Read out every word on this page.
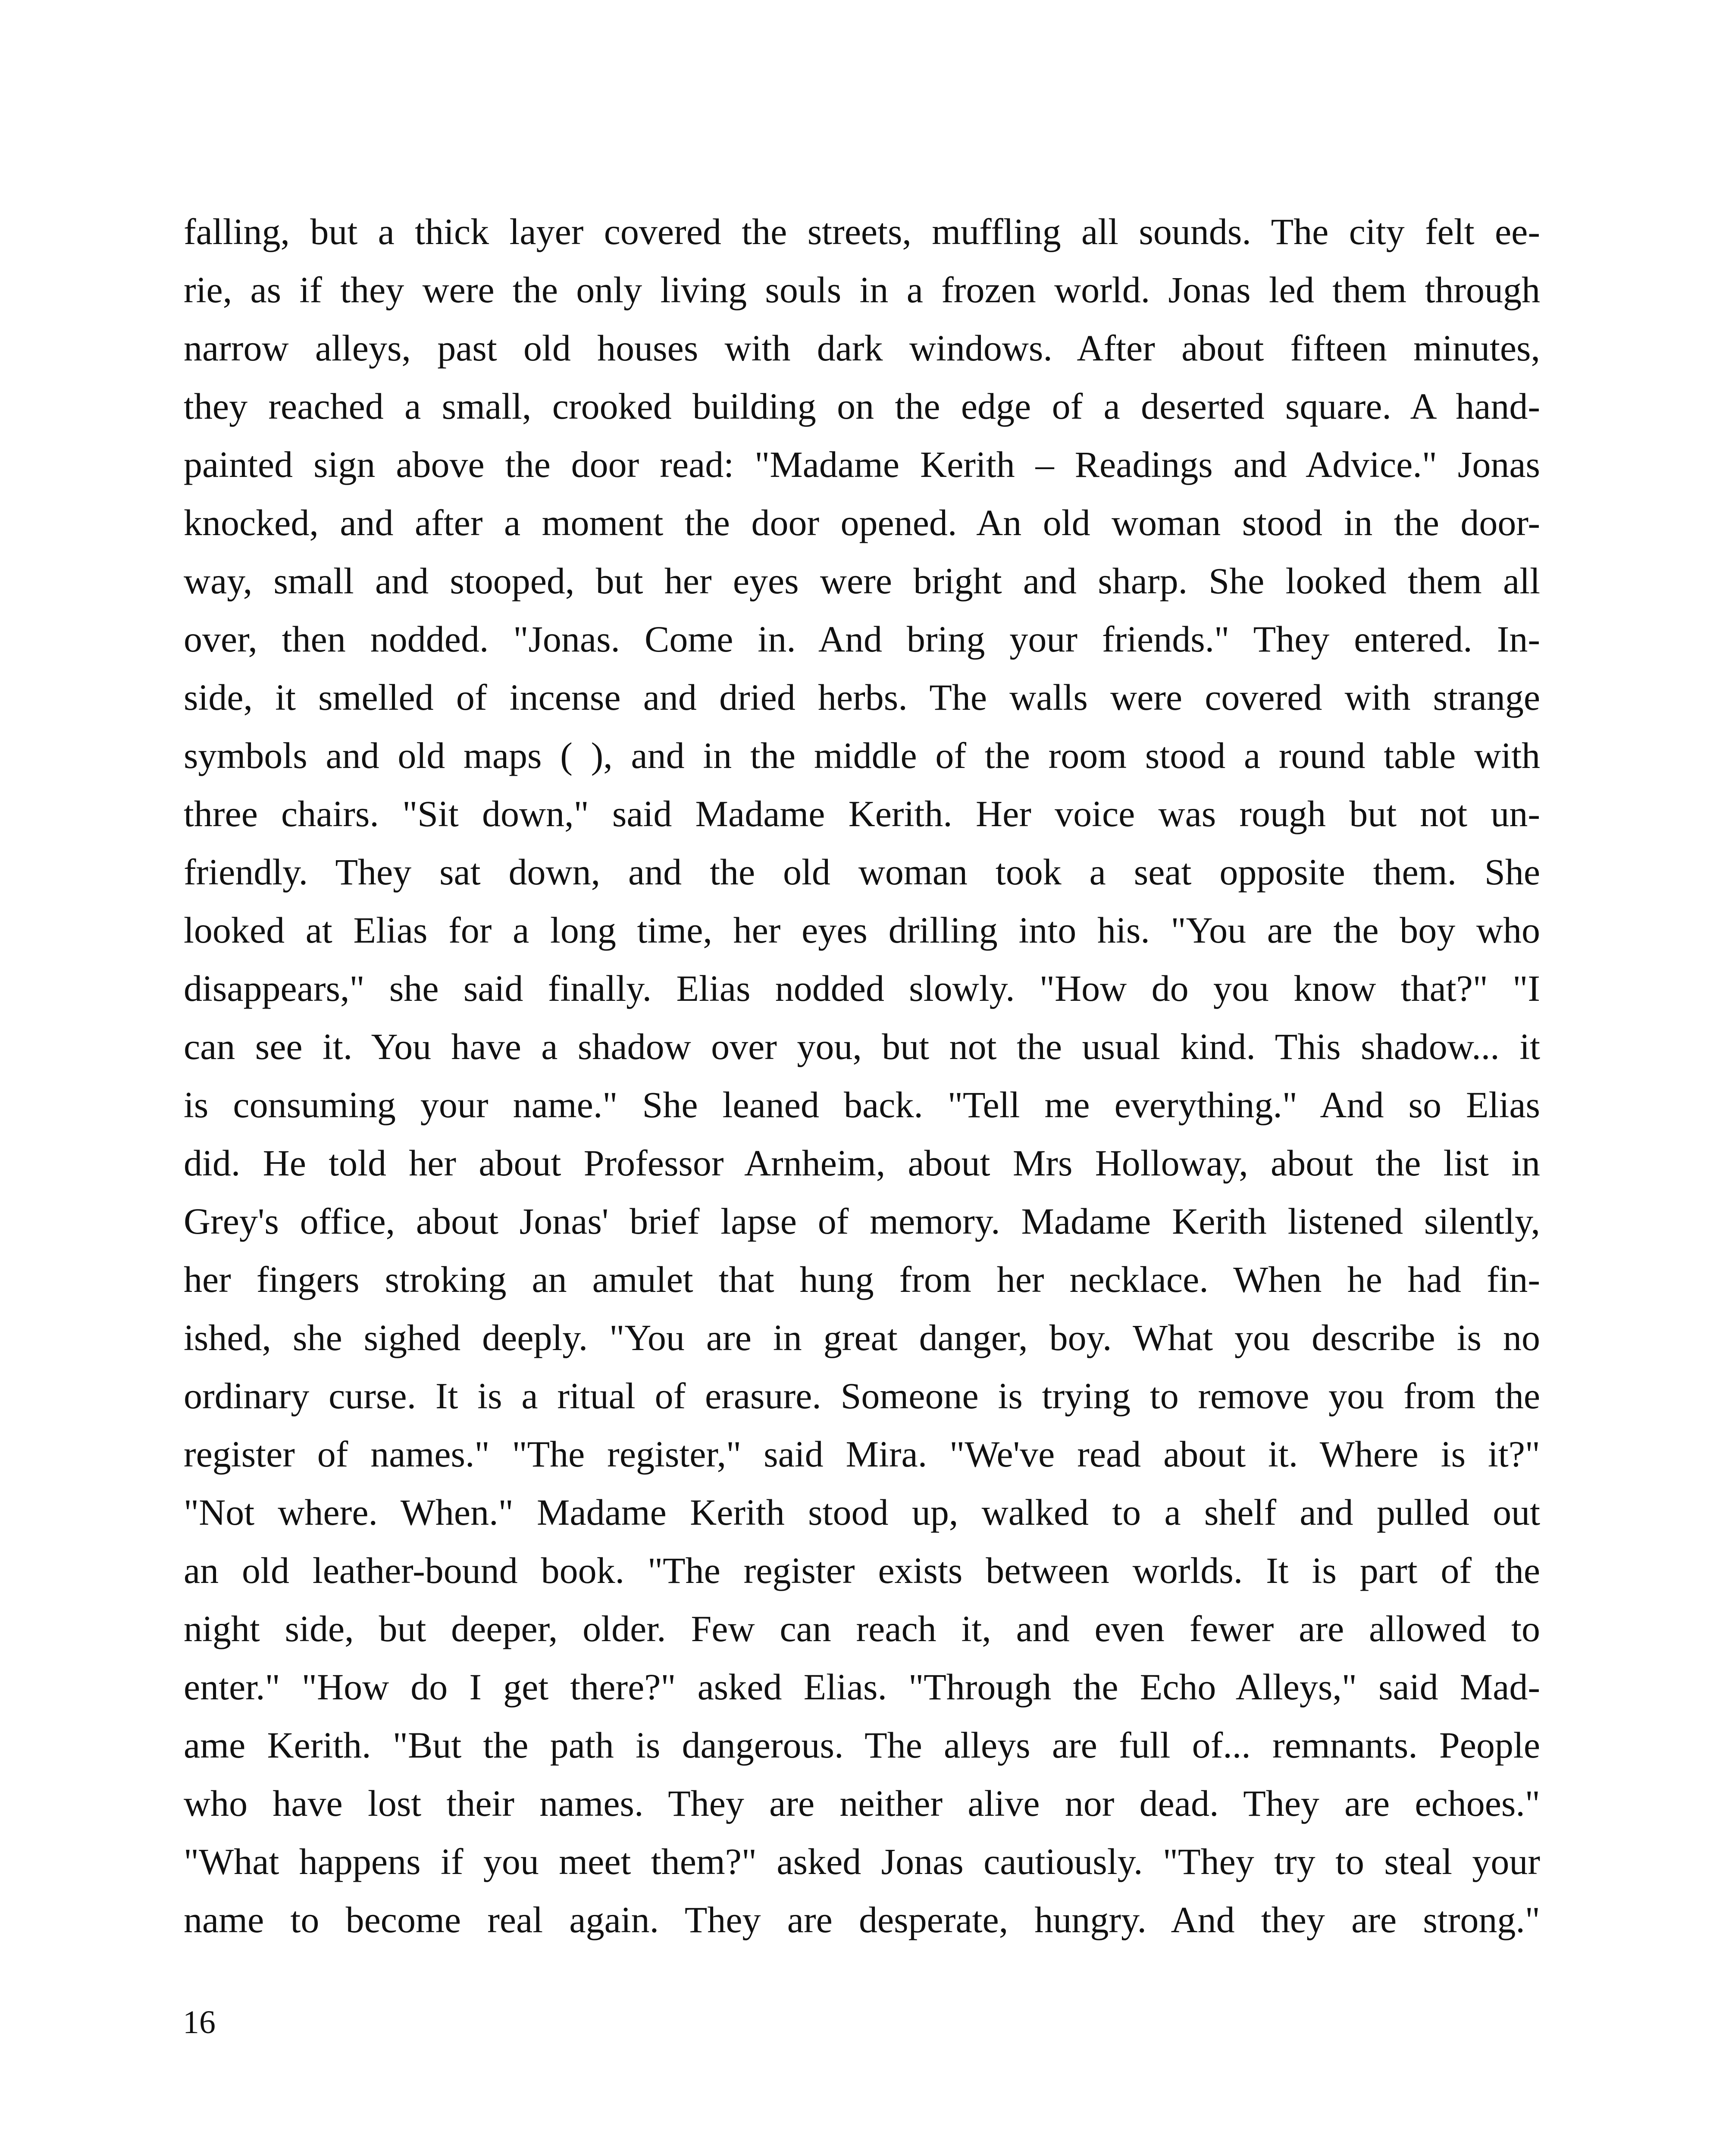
falling, but a thick layer covered the streets, muffling all sounds. The city felt ee-
rie, as if they were the only living souls in a frozen world. Jonas led them through
narrow alleys, past old houses with dark windows. After about fifteen minutes,
they reached a small, crooked building on the edge of a deserted square. A hand-
painted sign above the door read: "Madame Kerith – Readings and Advice." Jonas
knocked, and after a moment the door opened. An old woman stood in the door-
way, small and stooped, but her eyes were bright and sharp. She looked them all
over, then nodded. "Jonas. Come in. And bring your friends." They entered. In-
side, it smelled of incense and dried herbs. The walls were covered with strange
symbols and old maps ( ), and in the middle of the room stood a round table with
three chairs. "Sit down," said Madame Kerith. Her voice was rough but not un-
friendly. They sat down, and the old woman took a seat opposite them. She
looked at Elias for a long time, her eyes drilling into his. "You are the boy who
disappears," she said finally. Elias nodded slowly. "How do you know that?" "I
can see it. You have a shadow over you, but not the usual kind. This shadow... it
is consuming your name." She leaned back. "Tell me everything." And so Elias
did. He told her about Professor Arnheim, about Mrs Holloway, about the list in
Grey's office, about Jonas' brief lapse of memory. Madame Kerith listened silently,
her fingers stroking an amulet that hung from her necklace. When he had fin-
ished, she sighed deeply. "You are in great danger, boy. What you describe is no
ordinary curse. It is a ritual of erasure. Someone is trying to remove you from the
register of names." "The register," said Mira. "We've read about it. Where is it?"
"Not where. When." Madame Kerith stood up, walked to a shelf and pulled out
an old leather-bound book. "The register exists between worlds. It is part of the
night side, but deeper, older. Few can reach it, and even fewer are allowed to
enter." "How do I get there?" asked Elias. "Through the Echo Alleys," said Mad-
ame Kerith. "But the path is dangerous. The alleys are full of... remnants. People
who have lost their names. They are neither alive nor dead. They are echoes."
"What happens if you meet them?" asked Jonas cautiously. "They try to steal your
name to become real again. They are desperate, hungry. And they are strong."
16
